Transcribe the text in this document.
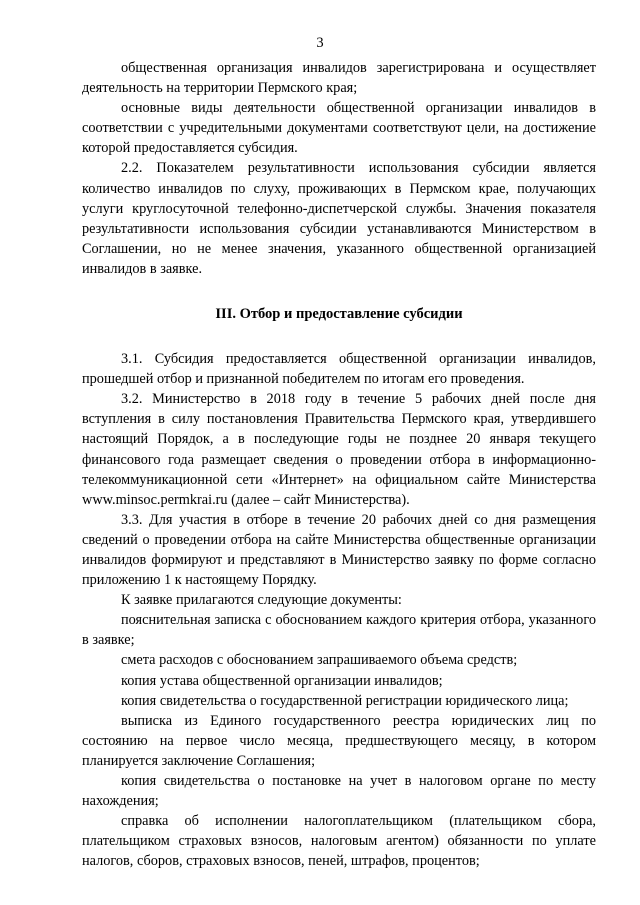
3

общественная организация инвалидов зарегистрирована и осуществляет деятельность на территории Пермского края;

основные виды деятельности общественной организации инвалидов в соответствии с учредительными документами соответствуют цели, на достижение которой предоставляется субсидия.

2.2. Показателем результативности использования субсидии является количество инвалидов по слуху, проживающих в Пермском крае, получающих услуги круглосуточной телефонно-диспетчерской службы. Значения показателя результативности использования субсидии устанавливаются Министерством в Соглашении, но не менее значения, указанного общественной организацией инвалидов в заявке.

III. Отбор и предоставление субсидии

3.1. Субсидия предоставляется общественной организации инвалидов, прошедшей отбор и признанной победителем по итогам его проведения.

3.2. Министерство в 2018 году в течение 5 рабочих дней после дня вступления в силу постановления Правительства Пермского края, утвердившего настоящий Порядок, а в последующие годы не позднее 20 января текущего финансового года размещает сведения о проведении отбора в информационно-телекоммуникационной сети «Интернет» на официальном сайте Министерства www.minsoc.permkrai.ru (далее – сайт Министерства).

3.3. Для участия в отборе в течение 20 рабочих дней со дня размещения сведений о проведении отбора на сайте Министерства общественные организации инвалидов формируют и представляют в Министерство заявку по форме согласно приложению 1 к настоящему Порядку.

К заявке прилагаются следующие документы:

пояснительная записка с обоснованием каждого критерия отбора, указанного в заявке;

смета расходов с обоснованием запрашиваемого объема средств;

копия устава общественной организации инвалидов;

копия свидетельства о государственной регистрации юридического лица;

выписка из Единого государственного реестра юридических лиц по состоянию на первое число месяца, предшествующего месяцу, в котором планируется заключение Соглашения;

копия свидетельства о постановке на учет в налоговом органе по месту нахождения;

справка об исполнении налогоплательщиком (плательщиком сбора, плательщиком страховых взносов, налоговым агентом) обязанности по уплате налогов, сборов, страховых взносов, пеней, штрафов, процентов;
